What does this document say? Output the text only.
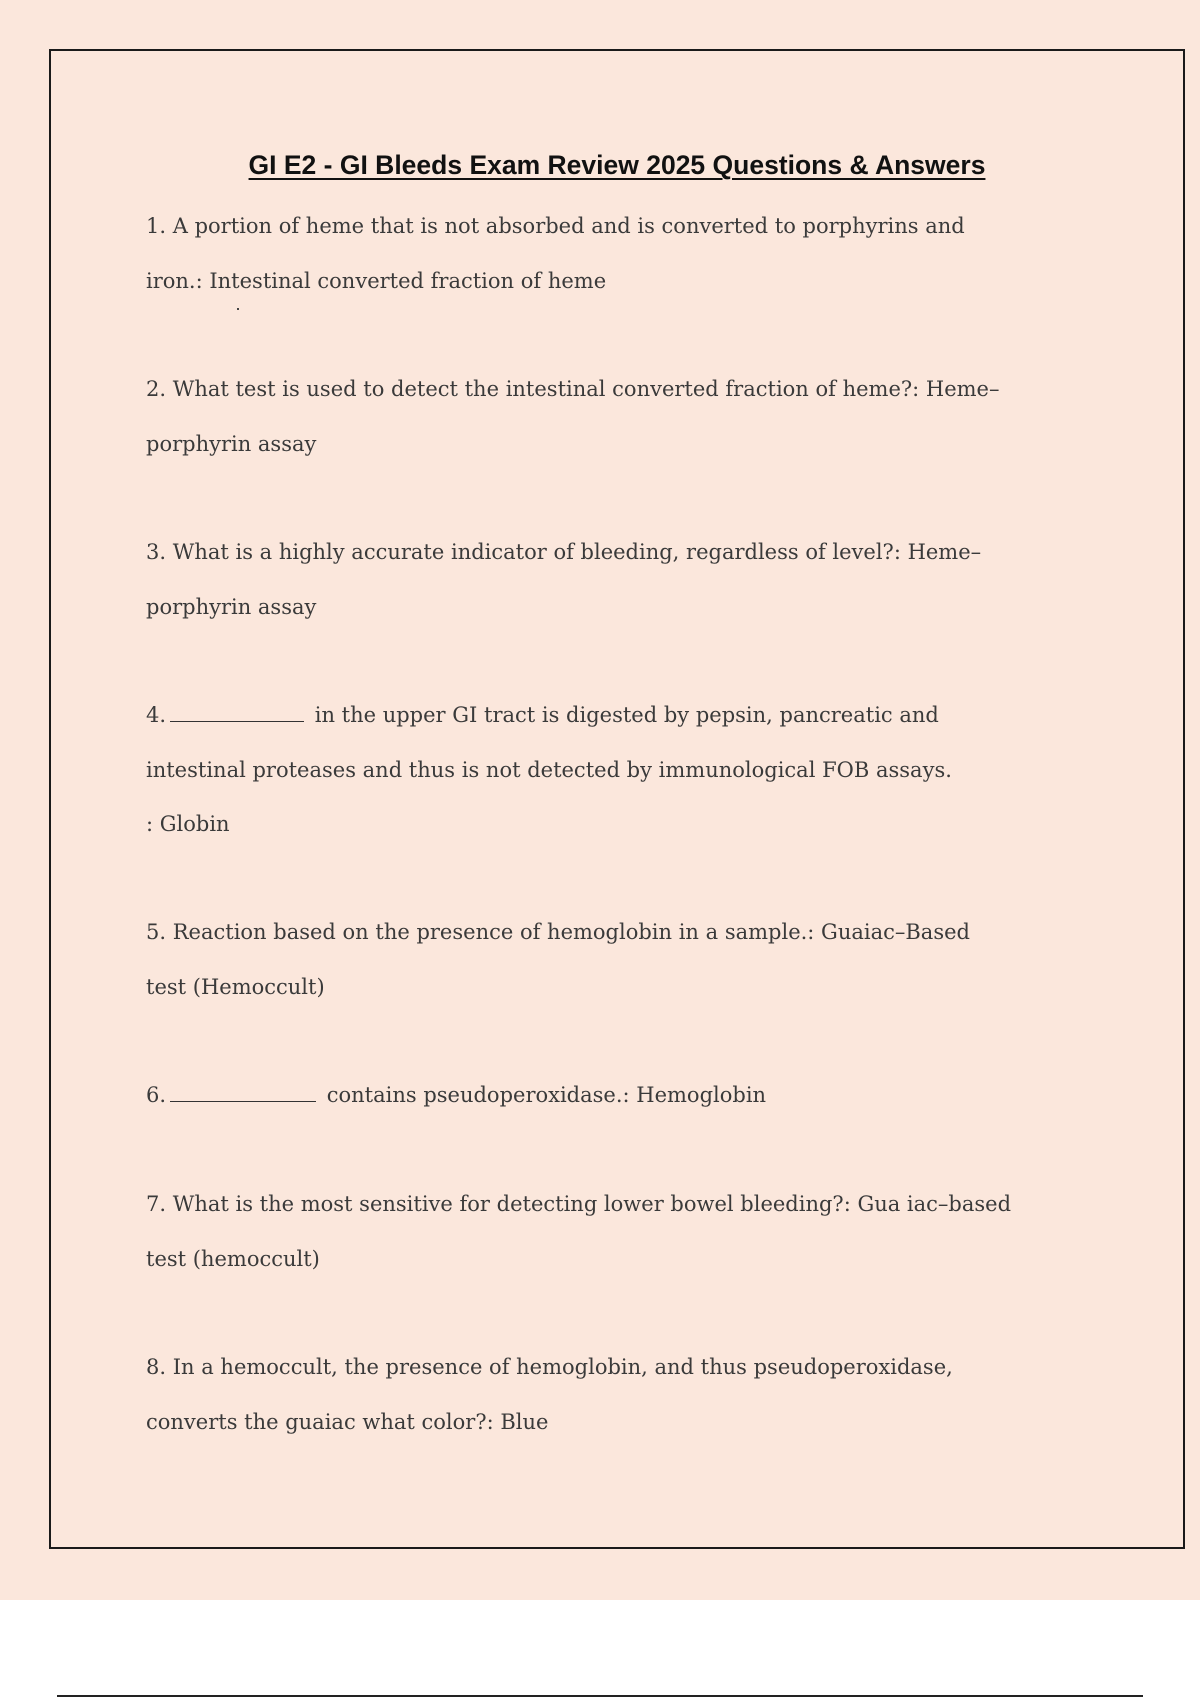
GI E2 - GI Bleeds Exam Review 2025 Questions & Answers

1. A portion of heme that is not absorbed and is converted to porphyrins and iron.: Intestinal converted fraction of heme

2. What test is used to detect the intestinal converted fraction of heme?: Heme–porphyrin assay

3. What is a highly accurate indicator of bleeding, regardless of level?: Heme–porphyrin assay

4.	in the upper GI tract is digested by pepsin, pancreatic and intestinal proteases and thus is not detected by immunological FOB assays.
: Globin

5. Reaction based on the presence of hemoglobin in a sample.: Guaiac–Based test (Hemoccult)

6.	contains pseudoperoxidase.: Hemoglobin

7. What is the most sensitive for detecting lower bowel bleeding?: Gua iac–based test (hemoccult)

8. In a hemoccult, the presence of hemoglobin, and thus pseudoperoxidase, converts the guaiac what color?: Blue
